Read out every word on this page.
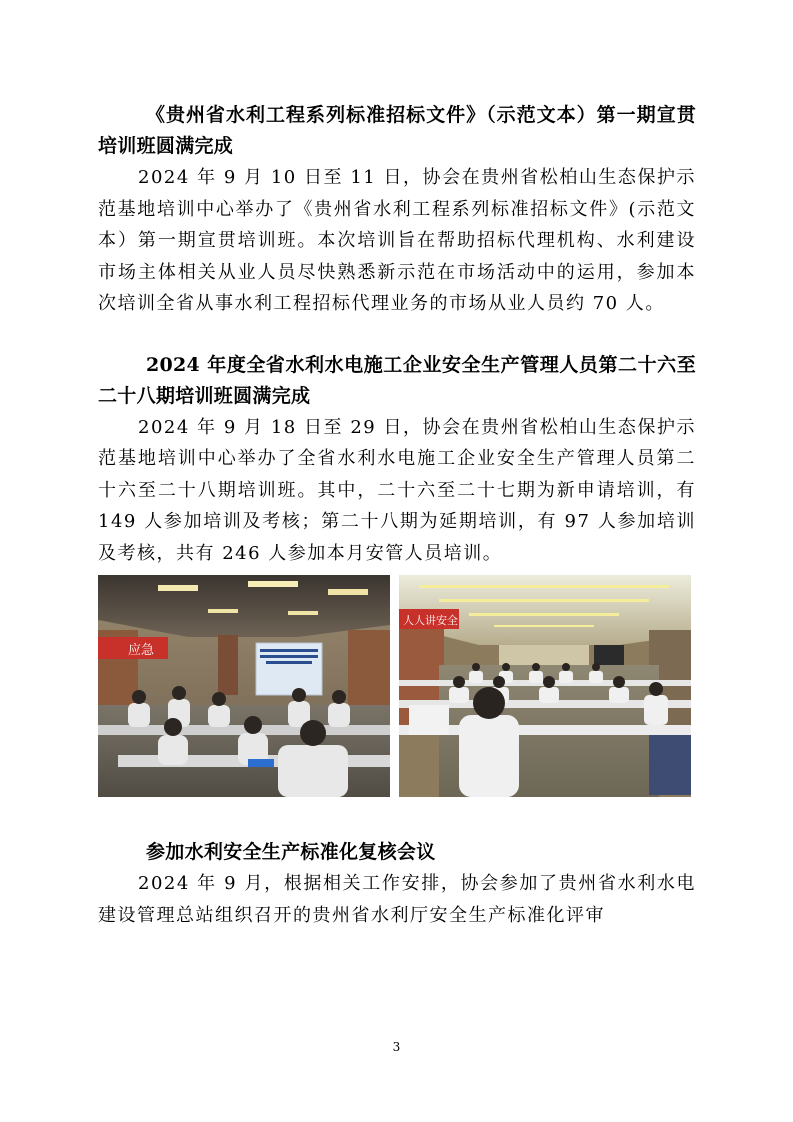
《贵州省水利工程系列标准招标文件》（示范文本）第一期宣贯培训班圆满完成

2024 年 9 月 10 日至 11 日，协会在贵州省松柏山生态保护示范基地培训中心举办了《贵州省水利工程系列标准招标文件》(示范文本）第一期宣贯培训班。本次培训旨在帮助招标代理机构、水利建设市场主体相关从业人员尽快熟悉新示范在市场活动中的运用，参加本次培训全省从事水利工程招标代理业务的市场从业人员约 70 人。

2024 年度全省水利水电施工企业安全生产管理人员第二十六至二十八期培训班圆满完成

2024 年 9 月 18 日至 29 日，协会在贵州省松柏山生态保护示范基地培训中心举办了全省水利水电施工企业安全生产管理人员第二十六至二十八期培训班。其中，二十六至二十七期为新申请培训，有 149 人参加培训及考核；第二十八期为延期培训，有 97 人参加培训及考核，共有 246 人参加本月安管人员培训。

应急
人人讲安全

参加水利安全生产标准化复核会议

2024 年 9 月，根据相关工作安排，协会参加了贵州省水利水电建设管理总站组织召开的贵州省水利厅安全生产标准化评审

3
